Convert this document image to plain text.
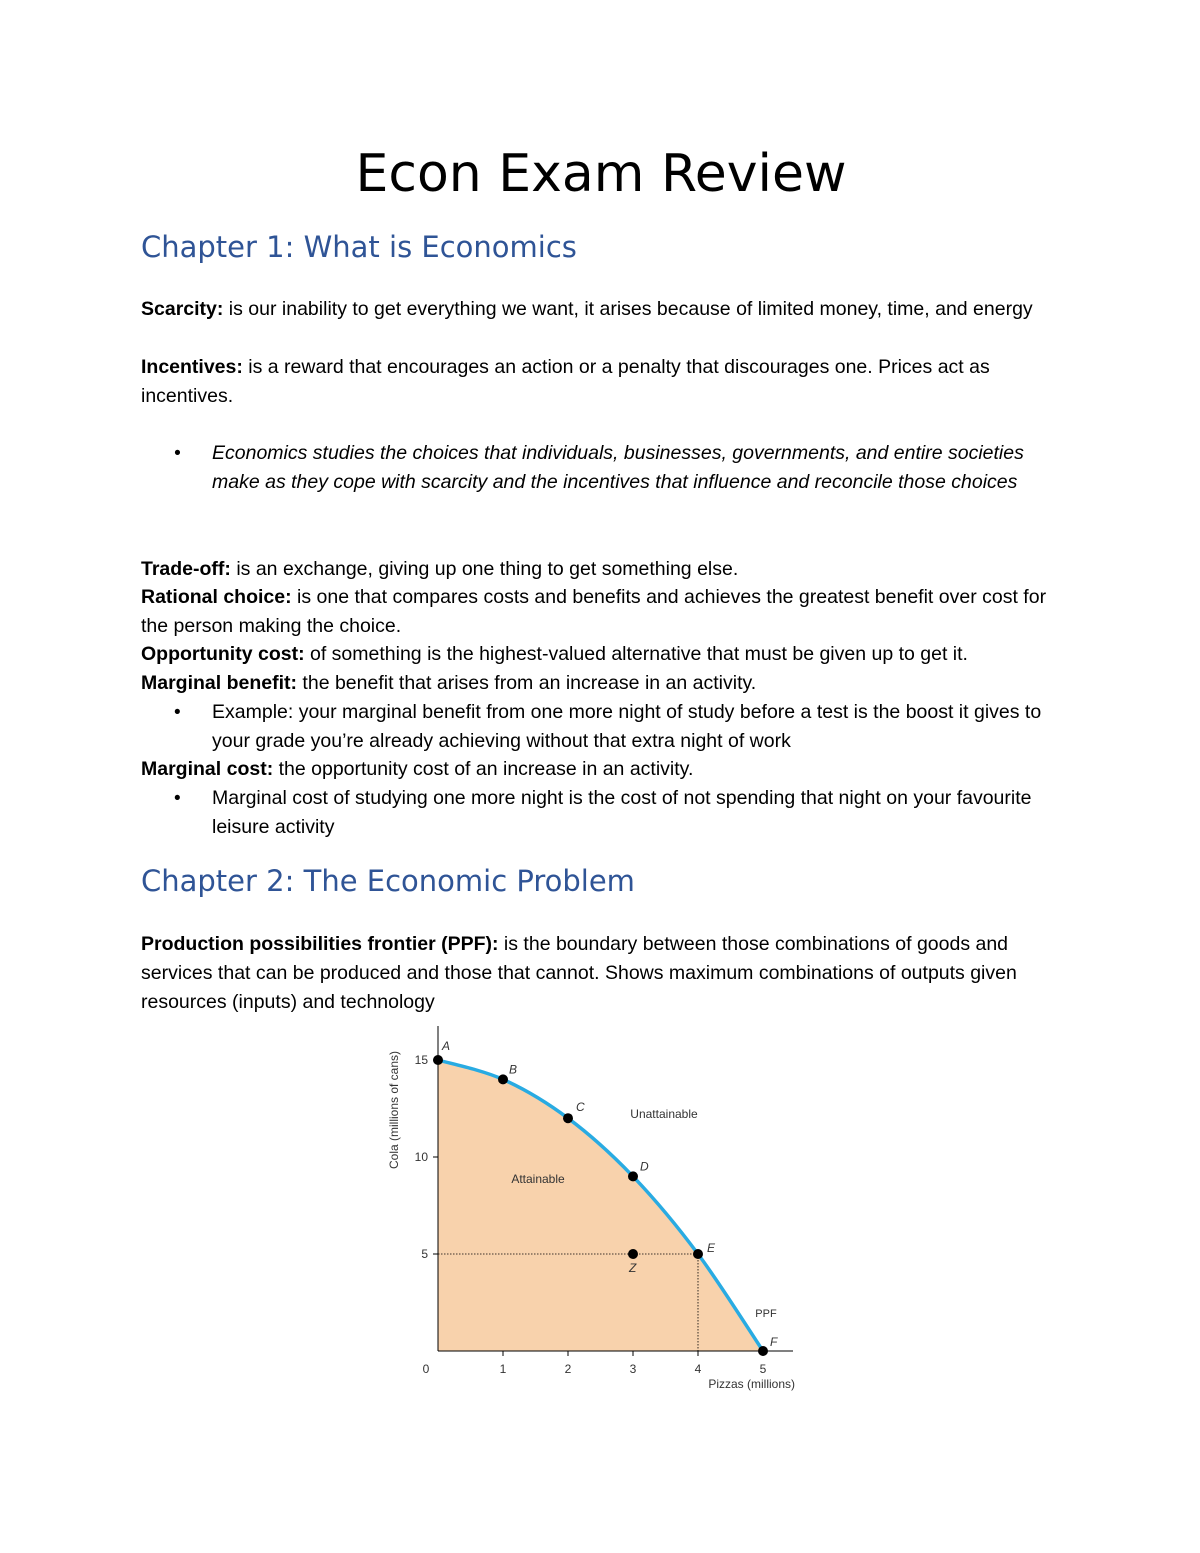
Econ Exam Review
Chapter 1: What is Economics

Scarcity: is our inability to get everything we want, it arises because of limited money, time, and energy

Incentives: is a reward that encourages an action or a penalty that discourages one. Prices act as incentives.

• Economics studies the choices that individuals, businesses, governments, and entire societies make as they cope with scarcity and the incentives that influence and reconcile those choices

Trade-off: is an exchange, giving up one thing to get something else.

Rational choice: is one that compares costs and benefits and achieves the greatest benefit over cost for the person making the choice.

Opportunity cost: of something is the highest-valued alternative that must be given up to get it.

Marginal benefit: the benefit that arises from an increase in an activity.

• Example: your marginal benefit from one more night of study before a test is the boost it gives to your grade you’re already achieving without that extra night of work

Marginal cost: the opportunity cost of an increase in an activity.

• Marginal cost of studying one more night is the cost of not spending that night on your favourite leisure activity
Chapter 2: The Economic Problem

Production possibilities frontier (PPF): is the boundary between those combinations of goods and services that can be produced and those that cannot. Shows maximum combinations of outputs given resources (inputs) and technology

0	1	2	3	4	5
5
10
15
Pizzas (millions)
Cola (millions of cans)
Attainable
Unattainable
PPF
A
B
C
D
E
F
Z
